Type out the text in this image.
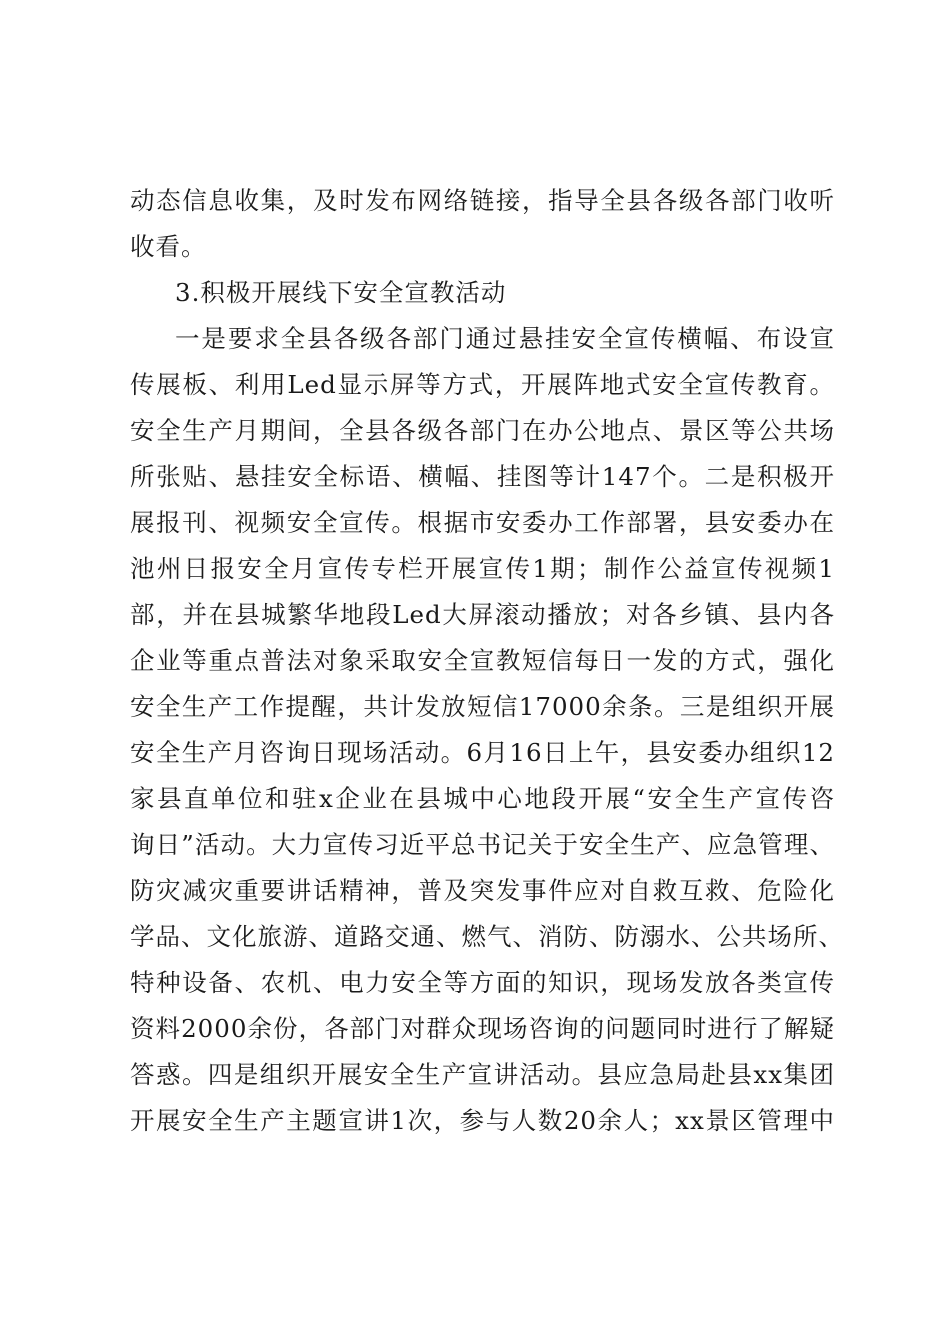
动态信息收集，及时发布网络链接，指导全县各级各部门收听
收看。
3.积极开展线下安全宣教活动
一是要求全县各级各部门通过悬挂安全宣传横幅、布设宣
传展板、利用Led显示屏等方式，开展阵地式安全宣传教育。
安全生产月期间，全县各级各部门在办公地点、景区等公共场
所张贴、悬挂安全标语、横幅、挂图等计147个。二是积极开
展报刊、视频安全宣传。根据市安委办工作部署，县安委办在
池州日报安全月宣传专栏开展宣传1期；制作公益宣传视频1
部，并在县城繁华地段Led大屏滚动播放；对各乡镇、县内各
企业等重点普法对象采取安全宣教短信每日一发的方式，强化
安全生产工作提醒，共计发放短信17000余条。三是组织开展
安全生产月咨询日现场活动。6月16日上午，县安委办组织12
家县直单位和驻x企业在县城中心地段开展“安全生产宣传咨
询日”活动。大力宣传习近平总书记关于安全生产、应急管理、
防灾减灾重要讲话精神，普及突发事件应对自救互救、危险化
学品、文化旅游、道路交通、燃气、消防、防溺水、公共场所、
特种设备、农机、电力安全等方面的知识，现场发放各类宣传
资料2000余份，各部门对群众现场咨询的问题同时进行了解疑
答惑。四是组织开展安全生产宣讲活动。县应急局赴县xx集团
开展安全生产主题宣讲1次，参与人数20余人；xx景区管理中
